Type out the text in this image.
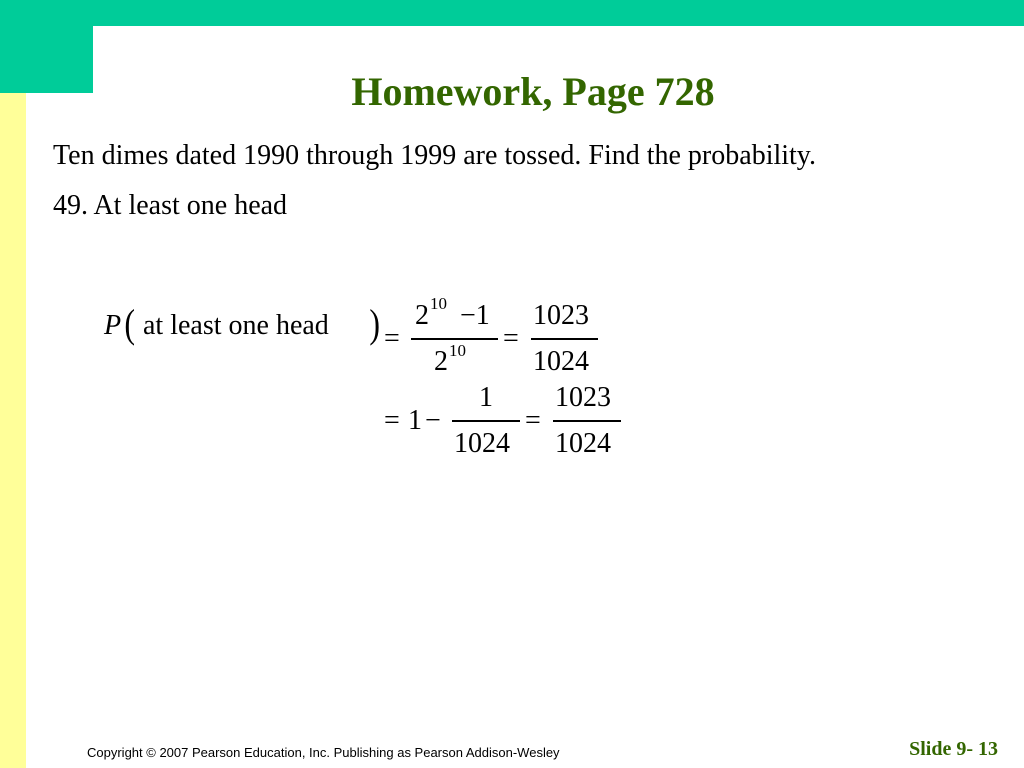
Homework, Page 728
Ten dimes dated 1990 through 1999 are tossed. Find the probability.
49. At least one head
P ( at least one head ) =
2 10 −1
2 10 =
1023
1024
= 1 −
1
1024
=
1023
1024
Copyright © 2007 Pearson Education, Inc. Publishing as Pearson Addison-Wesley	Slide 9- 13
